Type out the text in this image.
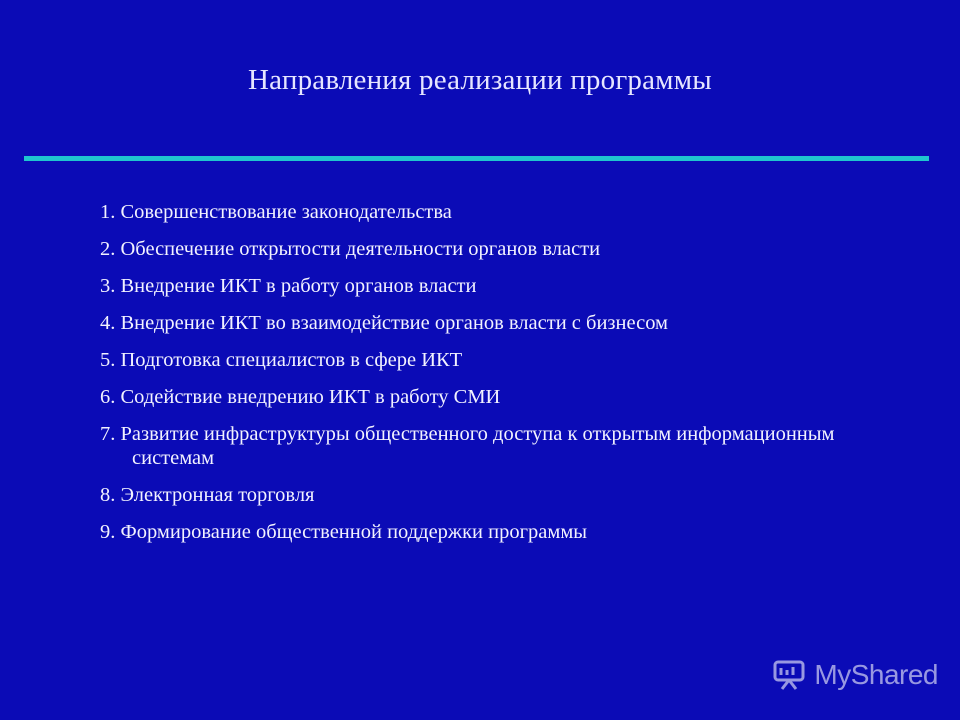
Направления реализации программы
1. Совершенствование законодательства
2. Обеспечение открытости деятельности органов власти
3. Внедрение ИКТ в работу органов власти
4. Внедрение ИКТ во взаимодействие органов власти с бизнесом
5. Подготовка специалистов в сфере ИКТ
6. Содействие внедрению ИКТ в работу СМИ
7. Развитие инфраструктуры общественного доступа к открытым информационным системам
8. Электронная торговля
9. Формирование общественной поддержки программы
MyShared
